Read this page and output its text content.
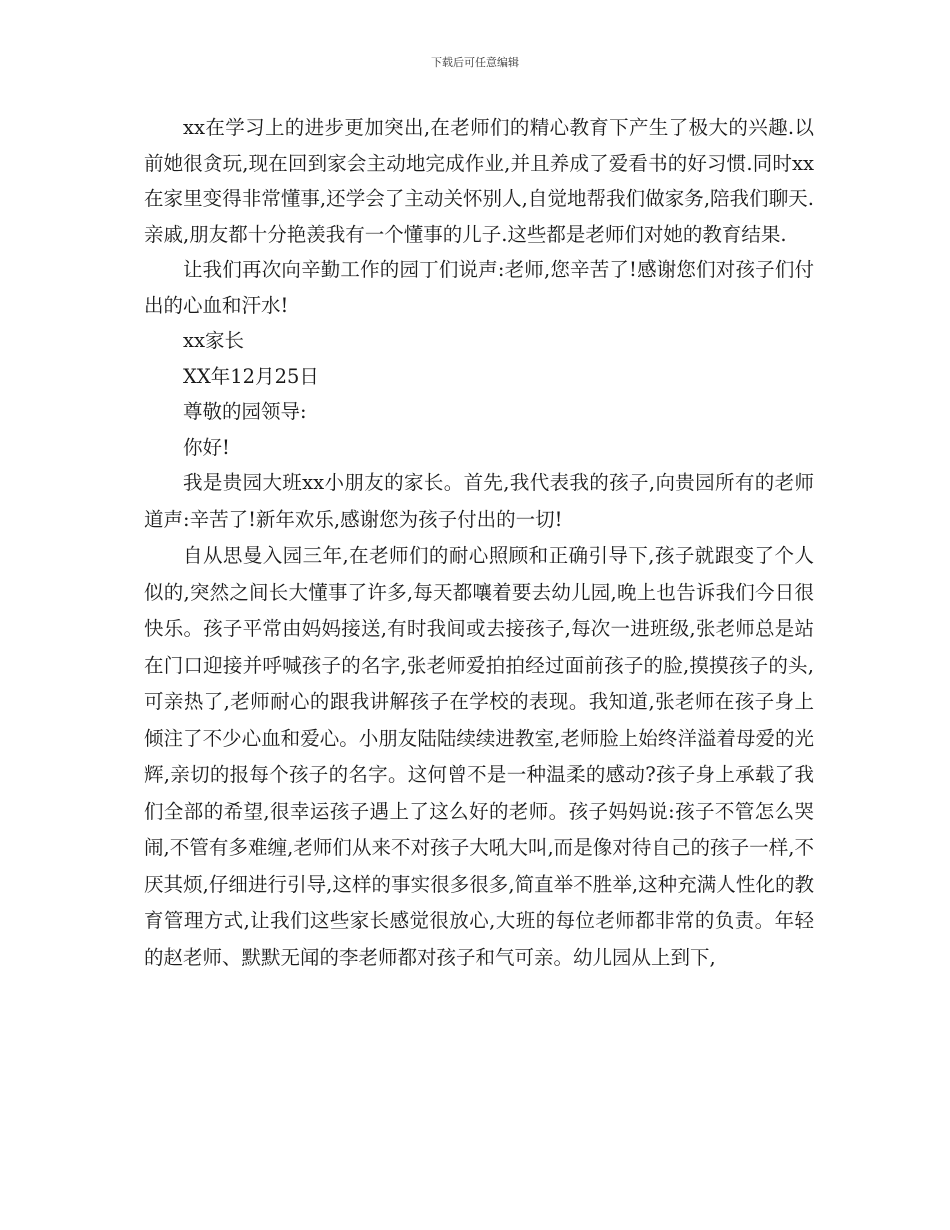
下载后可任意编辑

xx在学习上的进步更加突出,在老师们的精心教育下产生了极大的兴趣.以前她很贪玩,现在回到家会主动地完成作业,并且养成了爱看书的好习惯.同时xx在家里变得非常懂事,还学会了主动关怀别人,自觉地帮我们做家务,陪我们聊天.亲戚,朋友都十分艳羡我有一个懂事的儿子.这些都是老师们对她的教育结果.

让我们再次向辛勤工作的园丁们说声:老师,您辛苦了!感谢您们对孩子们付出的心血和汗水!

xx家长

XX年12月25日

尊敬的园领导:

你好!

我是贵园大班xx小朋友的家长。首先,我代表我的孩子,向贵园所有的老师道声:辛苦了!新年欢乐,感谢您为孩子付出的一切!

自从思曼入园三年,在老师们的耐心照顾和正确引导下,孩子就跟变了个人似的,突然之间长大懂事了许多,每天都嚷着要去幼儿园,晚上也告诉我们今日很快乐。孩子平常由妈妈接送,有时我间或去接孩子,每次一进班级,张老师总是站在门口迎接并呼喊孩子的名字,张老师爱拍拍经过面前孩子的脸,摸摸孩子的头,可亲热了,老师耐心的跟我讲解孩子在学校的表现。我知道,张老师在孩子身上倾注了不少心血和爱心。小朋友陆陆续续进教室,老师脸上始终洋溢着母爱的光辉,亲切的报每个孩子的名字。这何曾不是一种温柔的感动?孩子身上承载了我们全部的希望,很幸运孩子遇上了这么好的老师。孩子妈妈说:孩子不管怎么哭闹,不管有多难缠,老师们从来不对孩子大吼大叫,而是像对待自己的孩子一样,不厌其烦,仔细进行引导,这样的事实很多很多,简直举不胜举,这种充满人性化的教育管理方式,让我们这些家长感觉很放心,大班的每位老师都非常的负责。年轻的赵老师、默默无闻的李老师都对孩子和气可亲。幼儿园从上到下,
